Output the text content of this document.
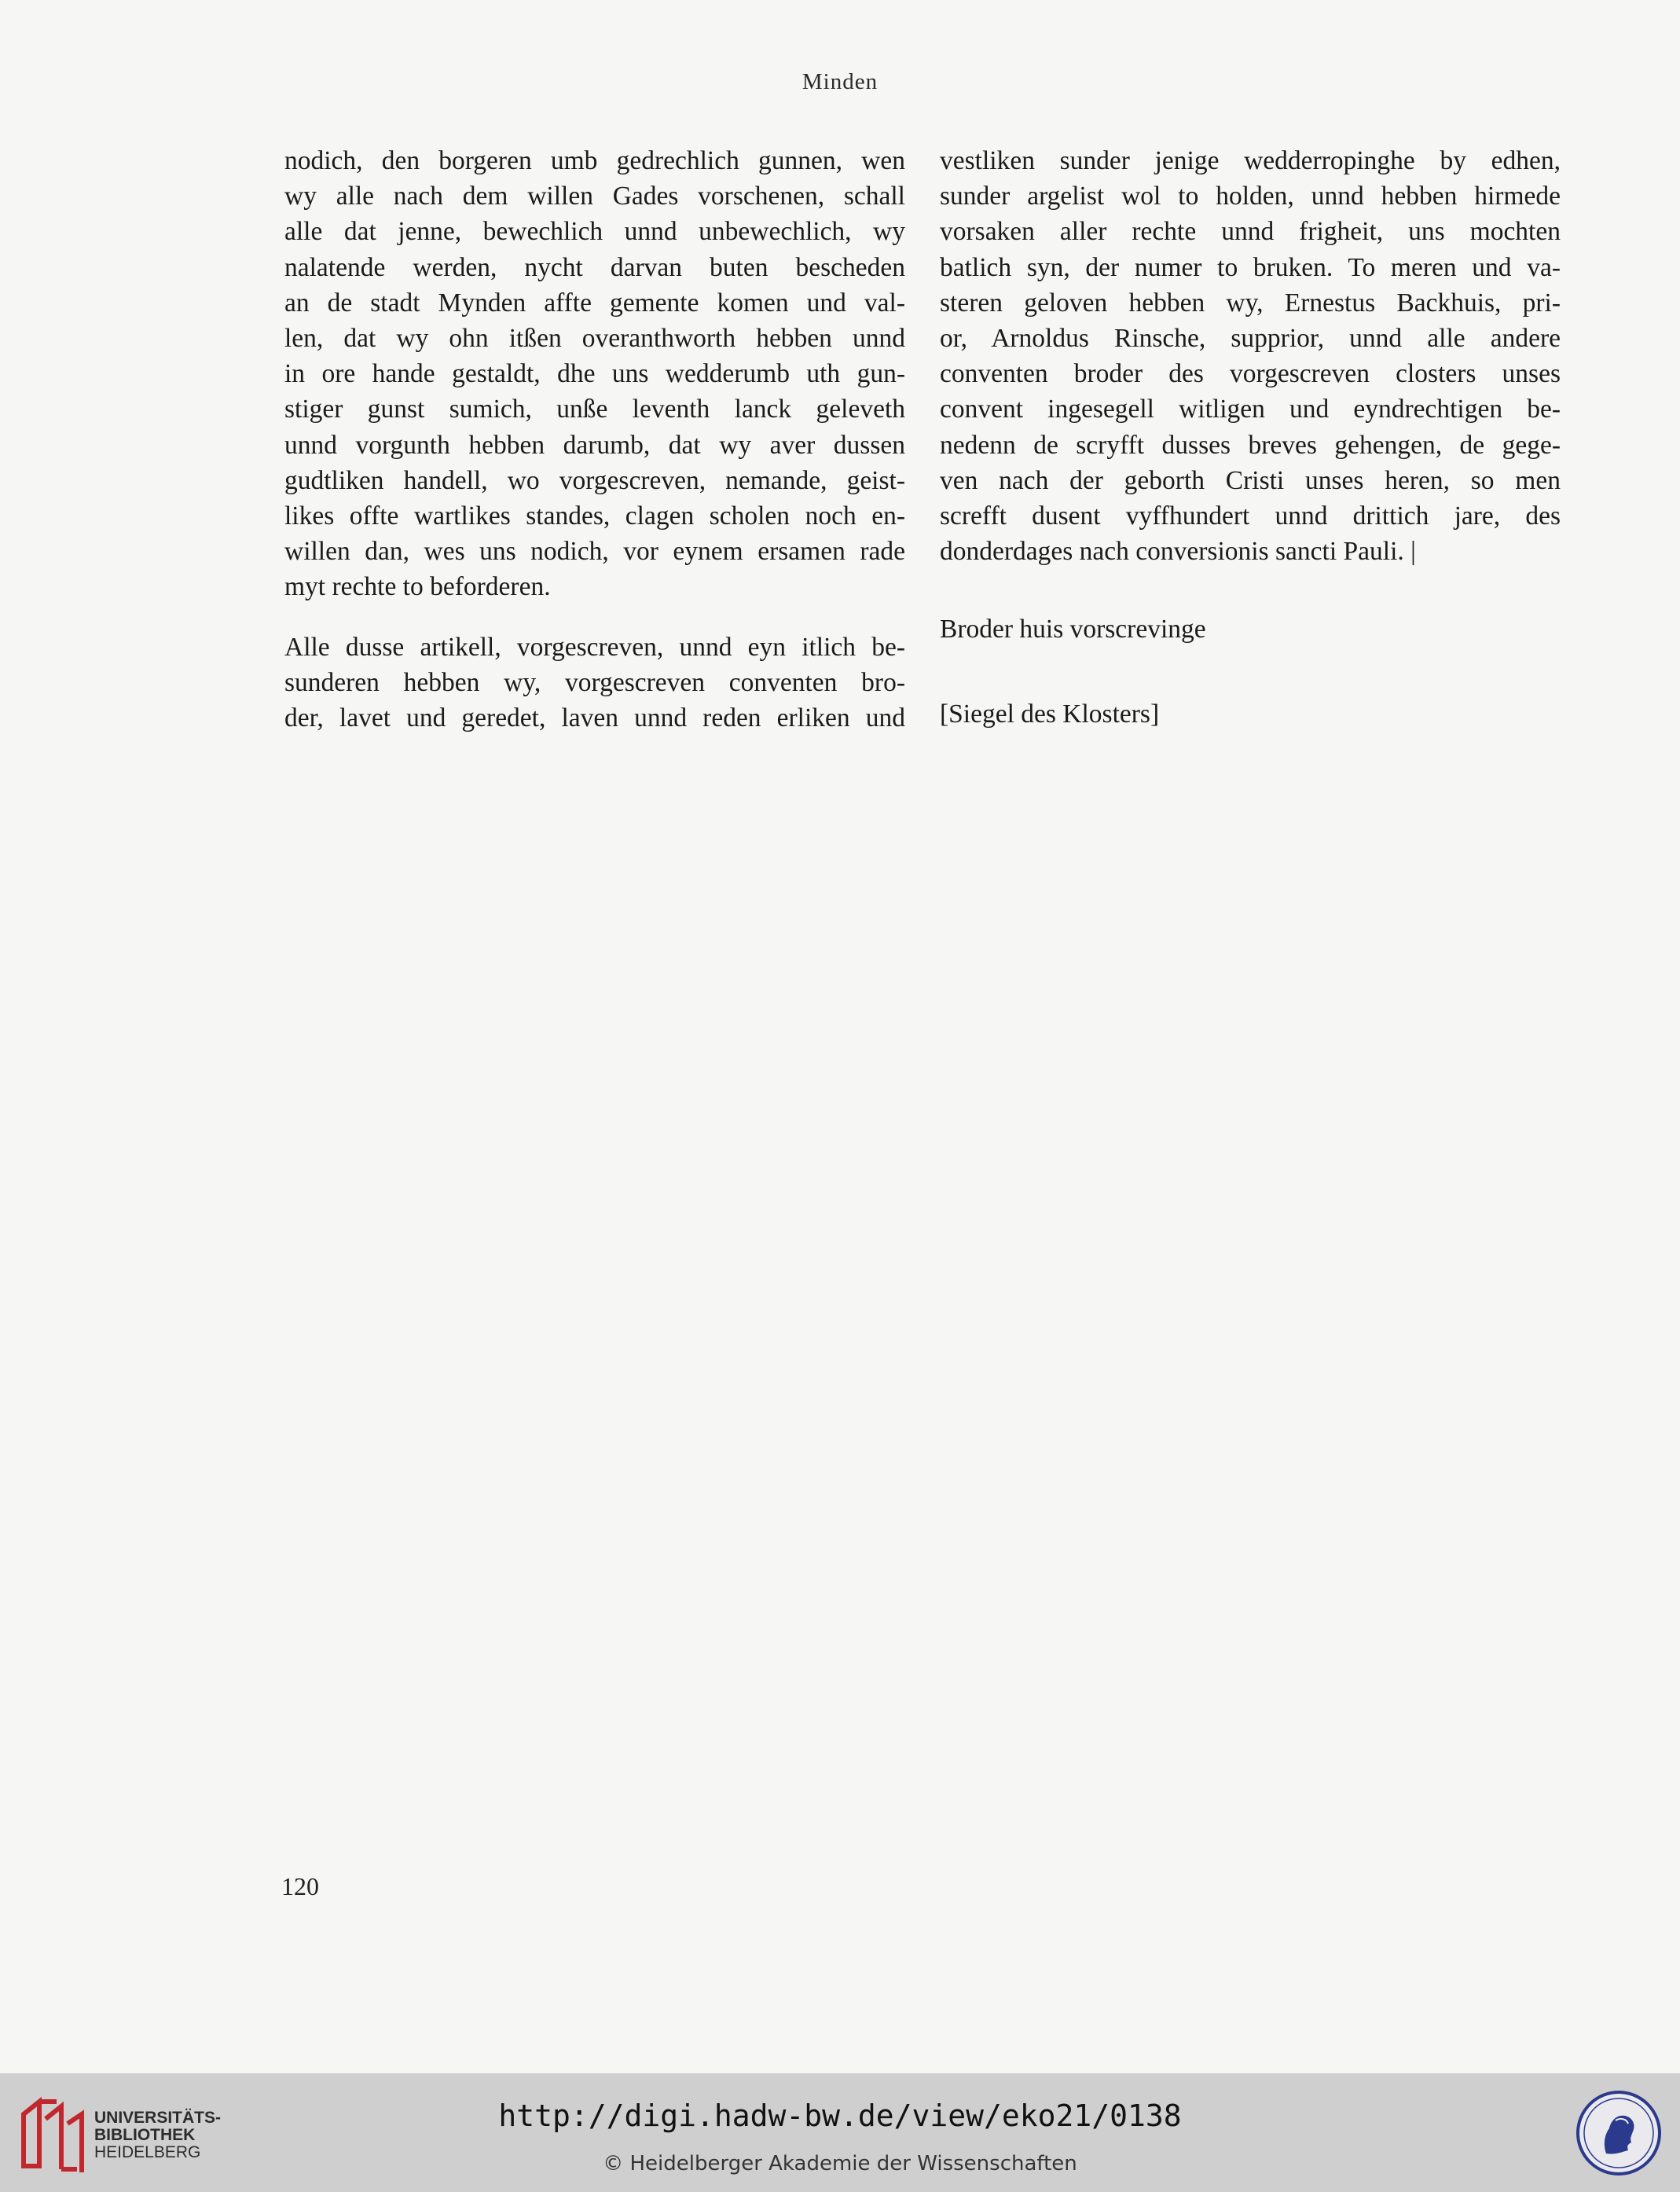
Minden

nodich, den borgeren umb gedrechlich gunnen, wen
wy alle nach dem willen Gades vorschenen, schall
alle dat jenne, bewechlich unnd unbewechlich, wy
nalatende werden, nycht darvan buten bescheden
an de stadt Mynden affte gemente komen und val-
len, dat wy ohn itßen overanthworth hebben unnd
in ore hande gestaldt, dhe uns wedderumb uth gun-
stiger gunst sumich, unße leventh lanck geleveth
unnd vorgunth hebben darumb, dat wy aver dussen
gudtliken handell, wo vorgescreven, nemande, geist-
likes offte wartlikes standes, clagen scholen noch en-
willen dan, wes uns nodich, vor eynem ersamen rade
myt rechte to beforderen.

Alle dusse artikell, vorgescreven, unnd eyn itlich be-
sunderen hebben wy, vorgescreven conventen bro-
der, lavet und geredet, laven unnd reden erliken und

vestliken sunder jenige wedderropinghe by edhen,
sunder argelist wol to holden, unnd hebben hirmede
vorsaken aller rechte unnd frigheit, uns mochten
batlich syn, der numer to bruken. To meren und va-
steren geloven hebben wy, Ernestus Backhuis, pri-
or, Arnoldus Rinsche, supprior, unnd alle andere
conventen broder des vorgescreven closters unses
convent ingesegell witligen und eyndrechtigen be-
nedenn de scryfft dusses breves gehengen, de gege-
ven nach der geborth Cristi unses heren, so men
screfft dusent vyffhundert unnd drittich jare, des
donderdages nach conversionis sancti Pauli. |

Broder huis vorscrevinge
[Siegel des Klosters]
120
UNIVERSITÄTS-
BIBLIOTHEK
HEIDELBERG
http://digi.hadw-bw.de/view/eko21/0138
© Heidelberger Akademie der Wissenschaften
